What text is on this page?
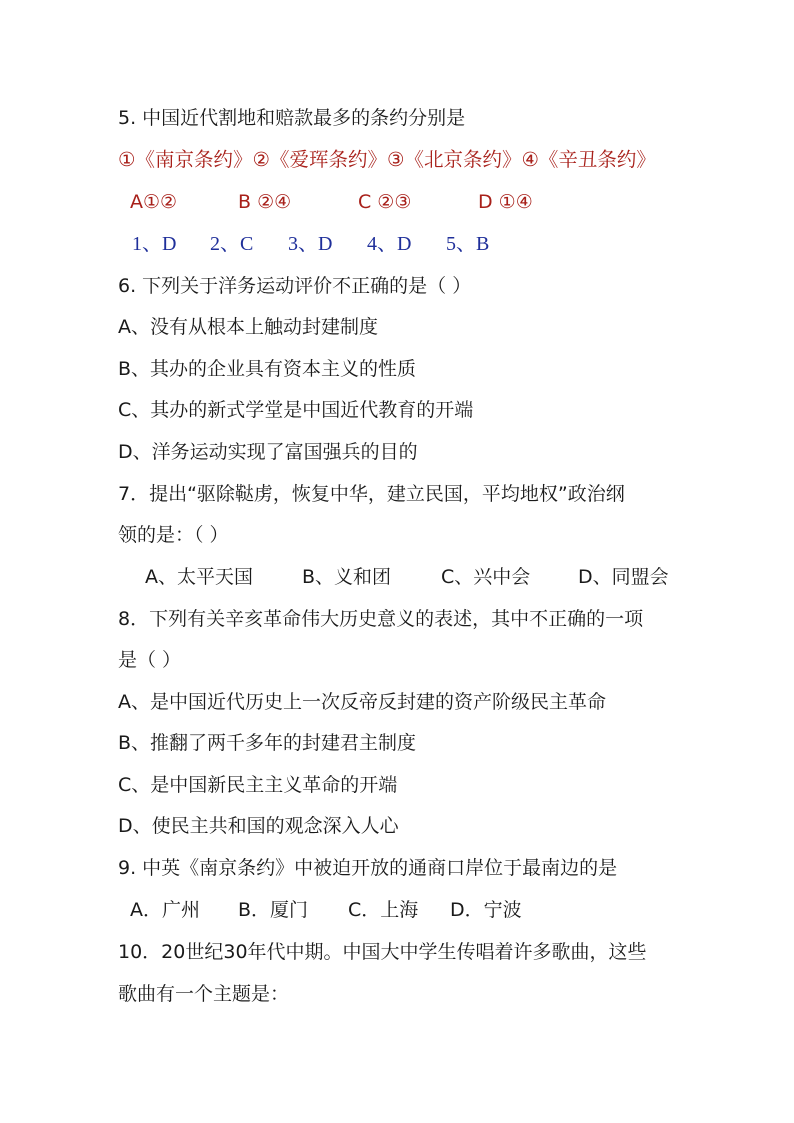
5. 中国近代割地和赔款最多的条约分别是
①《南京条约》②《爱珲条约》③《北京条约》④《辛丑条约》
A①②	B ②④	C ②③	D ①④
1、D 2、C 3、D 4、D 5、B
6. 下列关于洋务运动评价不正确的是（ ）
A、没有从根本上触动封建制度
B、其办的企业具有资本主义的性质
C、其办的新式学堂是中国近代教育的开端
D、洋务运动实现了富国强兵的目的
7．提出“驱除鞑虏，恢复中华，建立民国，平均地权”政治纲
领的是：（ ）
A、太平天国	B、义和团	C、兴中会	D、同盟会
8．下列有关辛亥革命伟大历史意义的表述，其中不正确的一项
是（ ）
A、是中国近代历史上一次反帝反封建的资产阶级民主革命
B、推翻了两千多年的封建君主制度
C、是中国新民主主义革命的开端
D、使民主共和国的观念深入人心
9. 中英《南京条约》中被迫开放的通商口岸位于最南边的是
A．广州 B．厦门 C．上海 D．宁波
10．20世纪30年代中期。中国大中学生传唱着许多歌曲，这些
歌曲有一个主题是：
